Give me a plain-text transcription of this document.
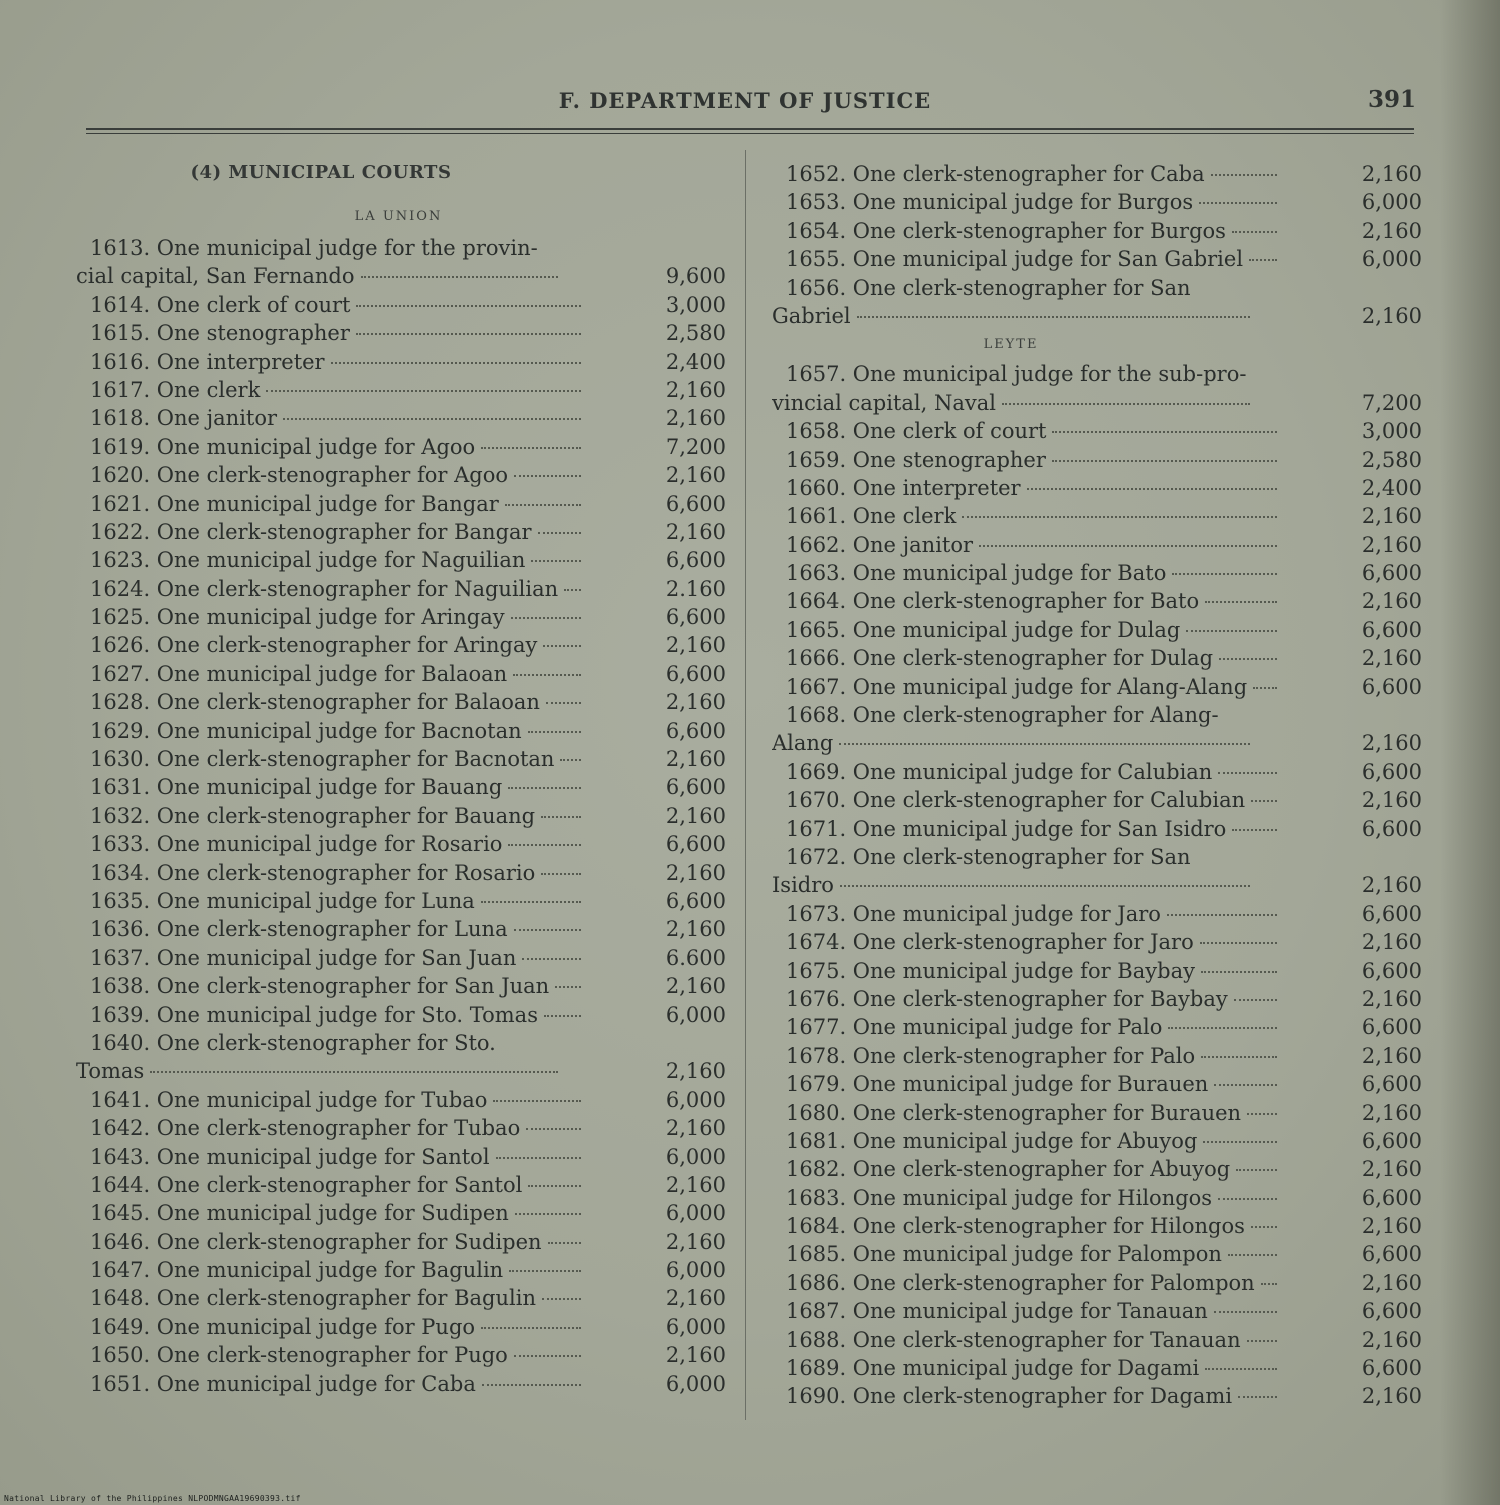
F. DEPARTMENT OF JUSTICE	391
(4) MUNICIPAL COURTS
LA UNION
1613. One municipal judge for the provin-
cial capital, San Fernando	9,600
1614. One clerk of court	3,000
1615. One stenographer	2,580
1616. One interpreter	2,400
1617. One clerk	2,160
1618. One janitor	2,160
1619. One municipal judge for Agoo	7,200
1620. One clerk-stenographer for Agoo	2,160
1621. One municipal judge for Bangar	6,600
1622. One clerk-stenographer for Bangar	2,160
1623. One municipal judge for Naguilian	6,600
1624. One clerk-stenographer for Naguilian	2.160
1625. One municipal judge for Aringay	6,600
1626. One clerk-stenographer for Aringay	2,160
1627. One municipal judge for Balaoan	6,600
1628. One clerk-stenographer for Balaoan	2,160
1629. One municipal judge for Bacnotan	6,600
1630. One clerk-stenographer for Bacnotan	2,160
1631. One municipal judge for Bauang	6,600
1632. One clerk-stenographer for Bauang	2,160
1633. One municipal judge for Rosario	6,600
1634. One clerk-stenographer for Rosario	2,160
1635. One municipal judge for Luna	6,600
1636. One clerk-stenographer for Luna	2,160
1637. One municipal judge for San Juan	6.600
1638. One clerk-stenographer for San Juan	2,160
1639. One municipal judge for Sto. Tomas	6,000
1640. One clerk-stenographer for Sto.
Tomas	2,160
1641. One municipal judge for Tubao	6,000
1642. One clerk-stenographer for Tubao	2,160
1643. One municipal judge for Santol	6,000
1644. One clerk-stenographer for Santol	2,160
1645. One municipal judge for Sudipen	6,000
1646. One clerk-stenographer for Sudipen	2,160
1647. One municipal judge for Bagulin	6,000
1648. One clerk-stenographer for Bagulin	2,160
1649. One municipal judge for Pugo	6,000
1650. One clerk-stenographer for Pugo	2,160
1651. One municipal judge for Caba	6,000
1652. One clerk-stenographer for Caba	2,160
1653. One municipal judge for Burgos	6,000
1654. One clerk-stenographer for Burgos	2,160
1655. One municipal judge for San Gabriel	6,000
1656. One clerk-stenographer for San
Gabriel	2,160
LEYTE
1657. One municipal judge for the sub-pro-
vincial capital, Naval	7,200
1658. One clerk of court	3,000
1659. One stenographer	2,580
1660. One interpreter	2,400
1661. One clerk	2,160
1662. One janitor	2,160
1663. One municipal judge for Bato	6,600
1664. One clerk-stenographer for Bato	2,160
1665. One municipal judge for Dulag	6,600
1666. One clerk-stenographer for Dulag	2,160
1667. One municipal judge for Alang-Alang	6,600
1668. One clerk-stenographer for Alang-
Alang	2,160
1669. One municipal judge for Calubian	6,600
1670. One clerk-stenographer for Calubian	2,160
1671. One municipal judge for San Isidro	6,600
1672. One clerk-stenographer for San
Isidro	2,160
1673. One municipal judge for Jaro	6,600
1674. One clerk-stenographer for Jaro	2,160
1675. One municipal judge for Baybay	6,600
1676. One clerk-stenographer for Baybay	2,160
1677. One municipal judge for Palo	6,600
1678. One clerk-stenographer for Palo	2,160
1679. One municipal judge for Burauen	6,600
1680. One clerk-stenographer for Burauen	2,160
1681. One municipal judge for Abuyog	6,600
1682. One clerk-stenographer for Abuyog	2,160
1683. One municipal judge for Hilongos	6,600
1684. One clerk-stenographer for Hilongos	2,160
1685. One municipal judge for Palompon	6,600
1686. One clerk-stenographer for Palompon	2,160
1687. One municipal judge for Tanauan	6,600
1688. One clerk-stenographer for Tanauan	2,160
1689. One municipal judge for Dagami	6,600
1690. One clerk-stenographer for Dagami	2,160
National Library of the Philippines NLPODMNGAA19690393.tif
